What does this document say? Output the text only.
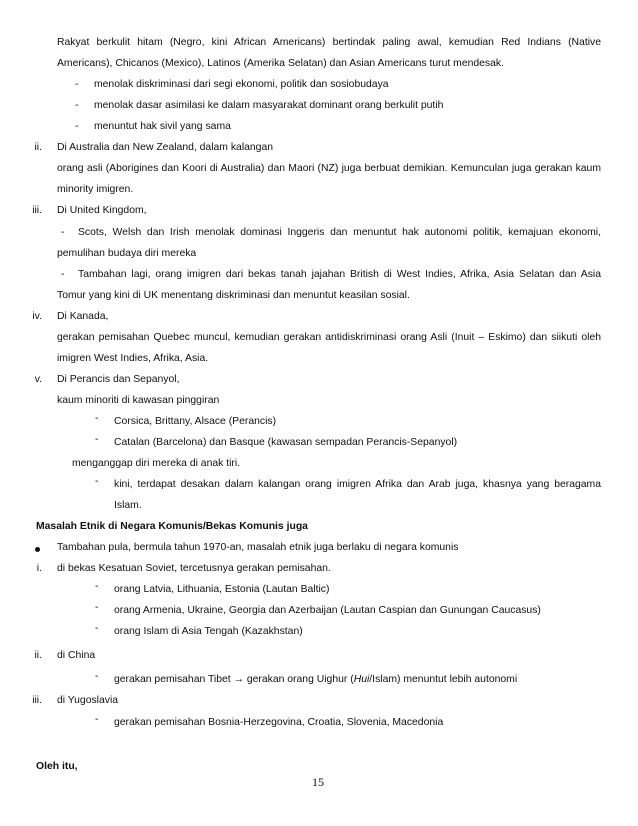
Rakyat berkulit hitam (Negro, kini African Americans) bertindak paling awal, kemudian Red Indians (Native
Americans), Chicanos (Mexico), Latinos (Amerika Selatan) dan Asian Americans turut mendesak.
- menolak diskriminasi dari segi ekonomi, politik dan sosiobudaya
- menolak dasar asimilasi ke dalam masyarakat dominant orang berkulit putih
- menuntut hak sivil yang sama
ii. Di Australia dan New Zealand, dalam kalangan
orang asli (Aborigines dan Koori di Australia) dan Maori (NZ) juga berbuat demikian. Kemunculan juga gerakan kaum
minority imigren.
iii. Di United Kingdom,
- Scots, Welsh dan Irish menolak dominasi Inggeris dan menuntut hak autonomi politik, kemajuan ekonomi,
pemulihan budaya diri mereka
- Tambahan lagi, orang imigren dari bekas tanah jajahan British di West Indies, Afrika, Asia Selatan dan Asia
Tomur yang kini di UK menentang diskriminasi dan menuntut keasilan sosial.
iv. Di Kanada,
gerakan pemisahan Quebec muncul, kemudian gerakan antidiskriminasi orang Asli (Inuit – Eskimo) dan siikuti oleh
imigren West Indies, Afrika, Asia.
v. Di Perancis dan Sepanyol,
kaum minoriti di kawasan pinggiran
- Corsica, Brittany, Alsace (Perancis)
- Catalan (Barcelona) dan Basque (kawasan sempadan Perancis-Sepanyol)
menganggap diri mereka di anak tiri.
- kini, terdapat desakan dalam kalangan orang imigren Afrika dan Arab juga, khasnya yang beragama
Islam.
Masalah Etnik di Negara Komunis/Bekas Komunis juga
Tambahan pula, bermula tahun 1970-an, masalah etnik juga berlaku di negara komunis
i. di bekas Kesatuan Soviet, tercetusnya gerakan pemisahan.
- orang Latvia, Lithuania, Estonia (Lautan Baltic)
- orang Armenia, Ukraine, Georgia dan Azerbaijan (Lautan Caspian dan Gunungan Caucasus)
- orang Islam di Asia Tengah (Kazakhstan)
ii. di China
- gerakan pemisahan Tibet → gerakan orang Uighur (Hui/Islam) menuntut lebih autonomi
iii. di Yugoslavia
- gerakan pemisahan Bosnia-Herzegovina, Croatia, Slovenia, Macedonia
Oleh itu,
15
